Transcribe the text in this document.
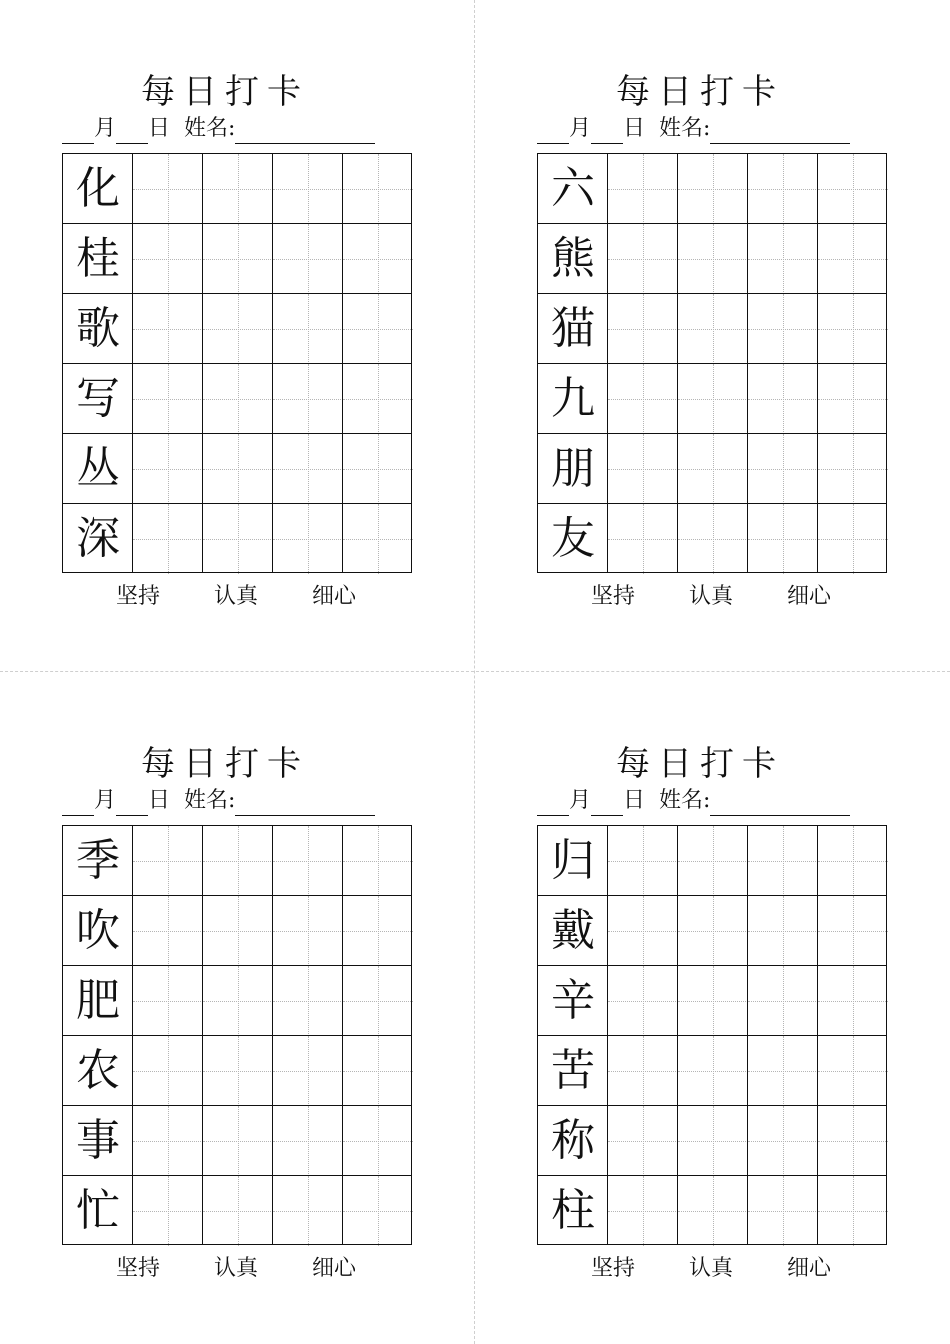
每日打卡
月 日 姓名:
化
桂
歌
写
丛
深
坚持  认真  细心
每日打卡
月 日 姓名:
六
熊
猫
九
朋
友
坚持  认真  细心
每日打卡
月 日 姓名:
季
吹
肥
农
事
忙
坚持  认真  细心
每日打卡
月 日 姓名:
归
戴
辛
苦
称
柱
坚持  认真  细心
